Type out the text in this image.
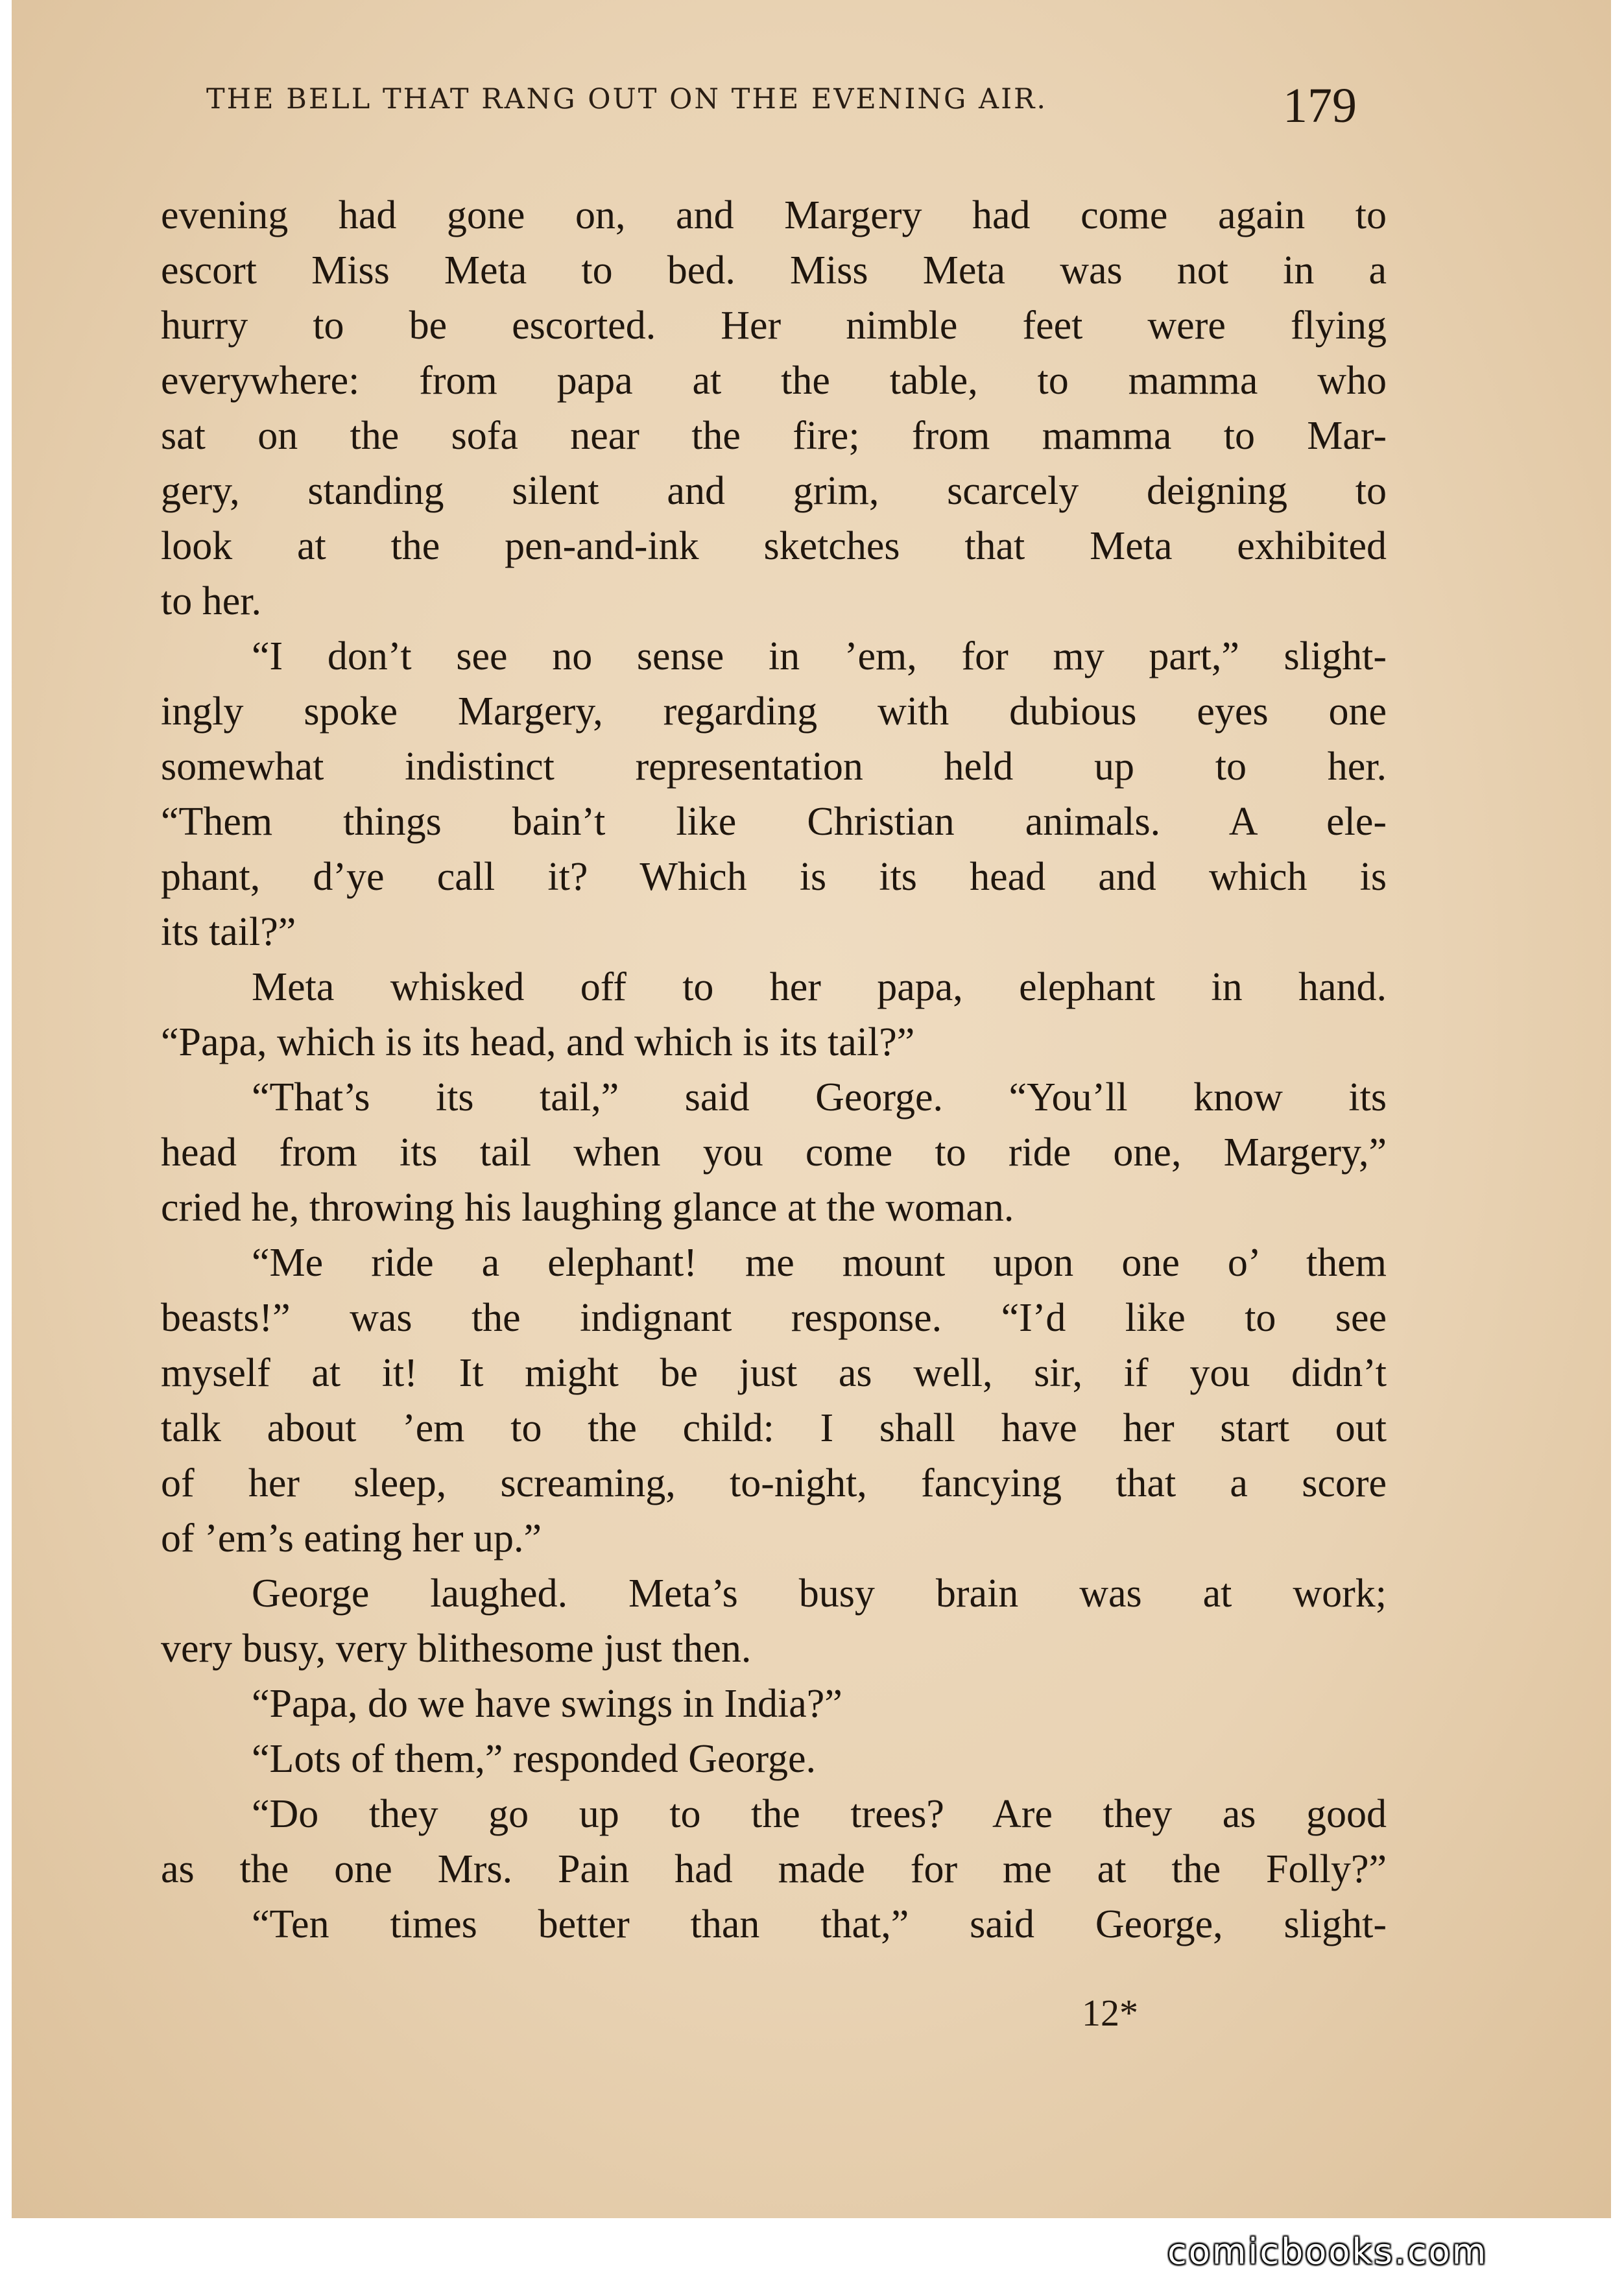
THE BELL THAT RANG OUT ON THE EVENING AIR.	179
evening had gone on, and Margery had come again to
escort Miss Meta to bed. Miss Meta was not in a
hurry to be escorted. Her nimble feet were flying
everywhere: from papa at the table, to mamma who
sat on the sofa near the fire; from mamma to Mar-
gery, standing silent and grim, scarcely deigning to
look at the pen-and-ink sketches that Meta exhibited
to her.
“I don’t see no sense in ’em, for my part,” slight-
ingly spoke Margery, regarding with dubious eyes one
somewhat indistinct representation held up to her.
“Them things bain’t like Christian animals. A ele-
phant, d’ye call it? Which is its head and which is
its tail?”
Meta whisked off to her papa, elephant in hand.
“Papa, which is its head, and which is its tail?”
“That’s its tail,” said George. “You’ll know its
head from its tail when you come to ride one, Margery,”
cried he, throwing his laughing glance at the woman.
“Me ride a elephant! me mount upon one o’ them
beasts!” was the indignant response. “I’d like to see
myself at it! It might be just as well, sir, if you didn’t
talk about ’em to the child: I shall have her start out
of her sleep, screaming, to-night, fancying that a score
of ’em’s eating her up.”
George laughed. Meta’s busy brain was at work;
very busy, very blithesome just then.
“Papa, do we have swings in India?”
“Lots of them,” responded George.
“Do they go up to the trees? Are they as good
as the one Mrs. Pain had made for me at the Folly?”
“Ten times better than that,” said George, slight-
12*
comicbooks.com
